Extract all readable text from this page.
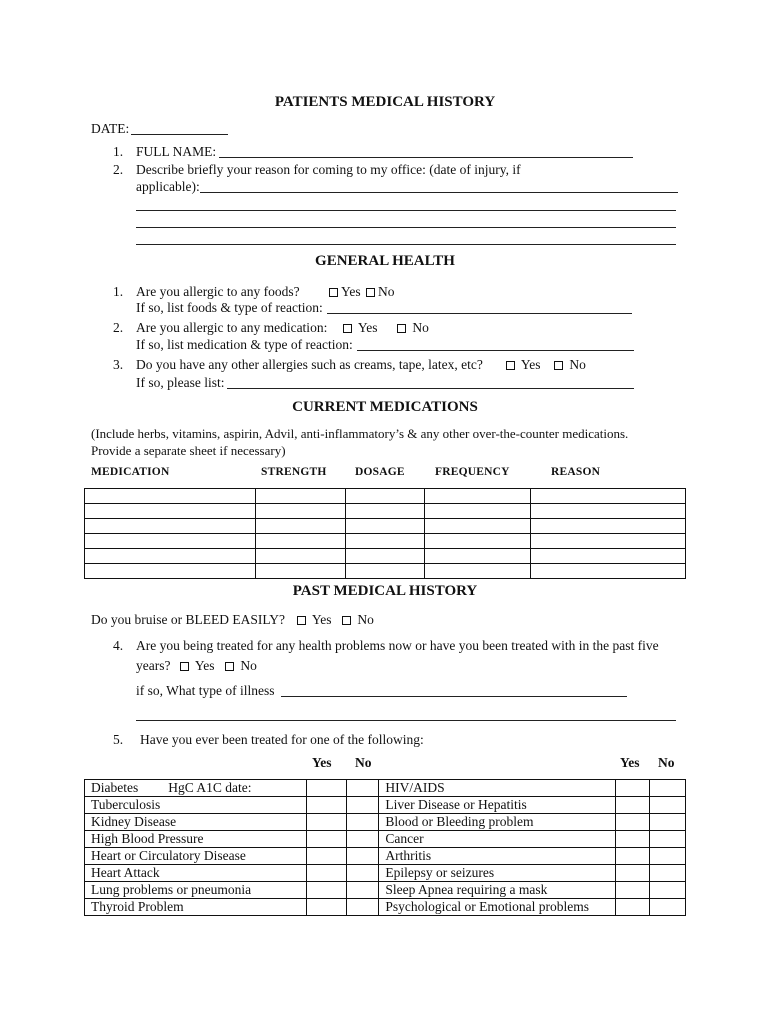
PATIENTS MEDICAL HISTORY
DATE:
1. FULL NAME:
2. Describe briefly your reason for coming to my office: (date of injury, if
applicable):
GENERAL HEALTH
1. Are you allergic to any foods?	Yes	No
If so, list foods & type of reaction:
2. Are you allergic to any medication:	Yes	No
If so, list medication & type of reaction:
3. Do you have any other allergies such as creams, tape, latex, etc?	Yes	No
If so, please list:
CURRENT MEDICATIONS
(Include herbs, vitamins, aspirin, Advil, anti-inflammatory’s & any other over-the-counter medications.
Provide a separate sheet if necessary)
MEDICATION	STRENGTH DOSAGE	FREQUENCY	REASON

PAST MEDICAL HISTORY
Do you bruise or BLEED EASILY?	Yes	No
4. Are you being treated for any health problems now or have you been treated with in the past five
years?	Yes	No
if so, What type of illness
5. Have you ever been treated for one of the following:
Yes No	Yes No
Diabetes HgC A1C date:			HIV/AIDS		
Tuberculosis			Liver Disease or Hepatitis		
Kidney Disease			Blood or Bleeding problem		
High Blood Pressure			Cancer		
Heart or Circulatory Disease			Arthritis		
Heart Attack			Epilepsy or seizures		
Lung problems or pneumonia			Sleep Apnea requiring a mask		
Thyroid Problem			Psychological or Emotional problems		
